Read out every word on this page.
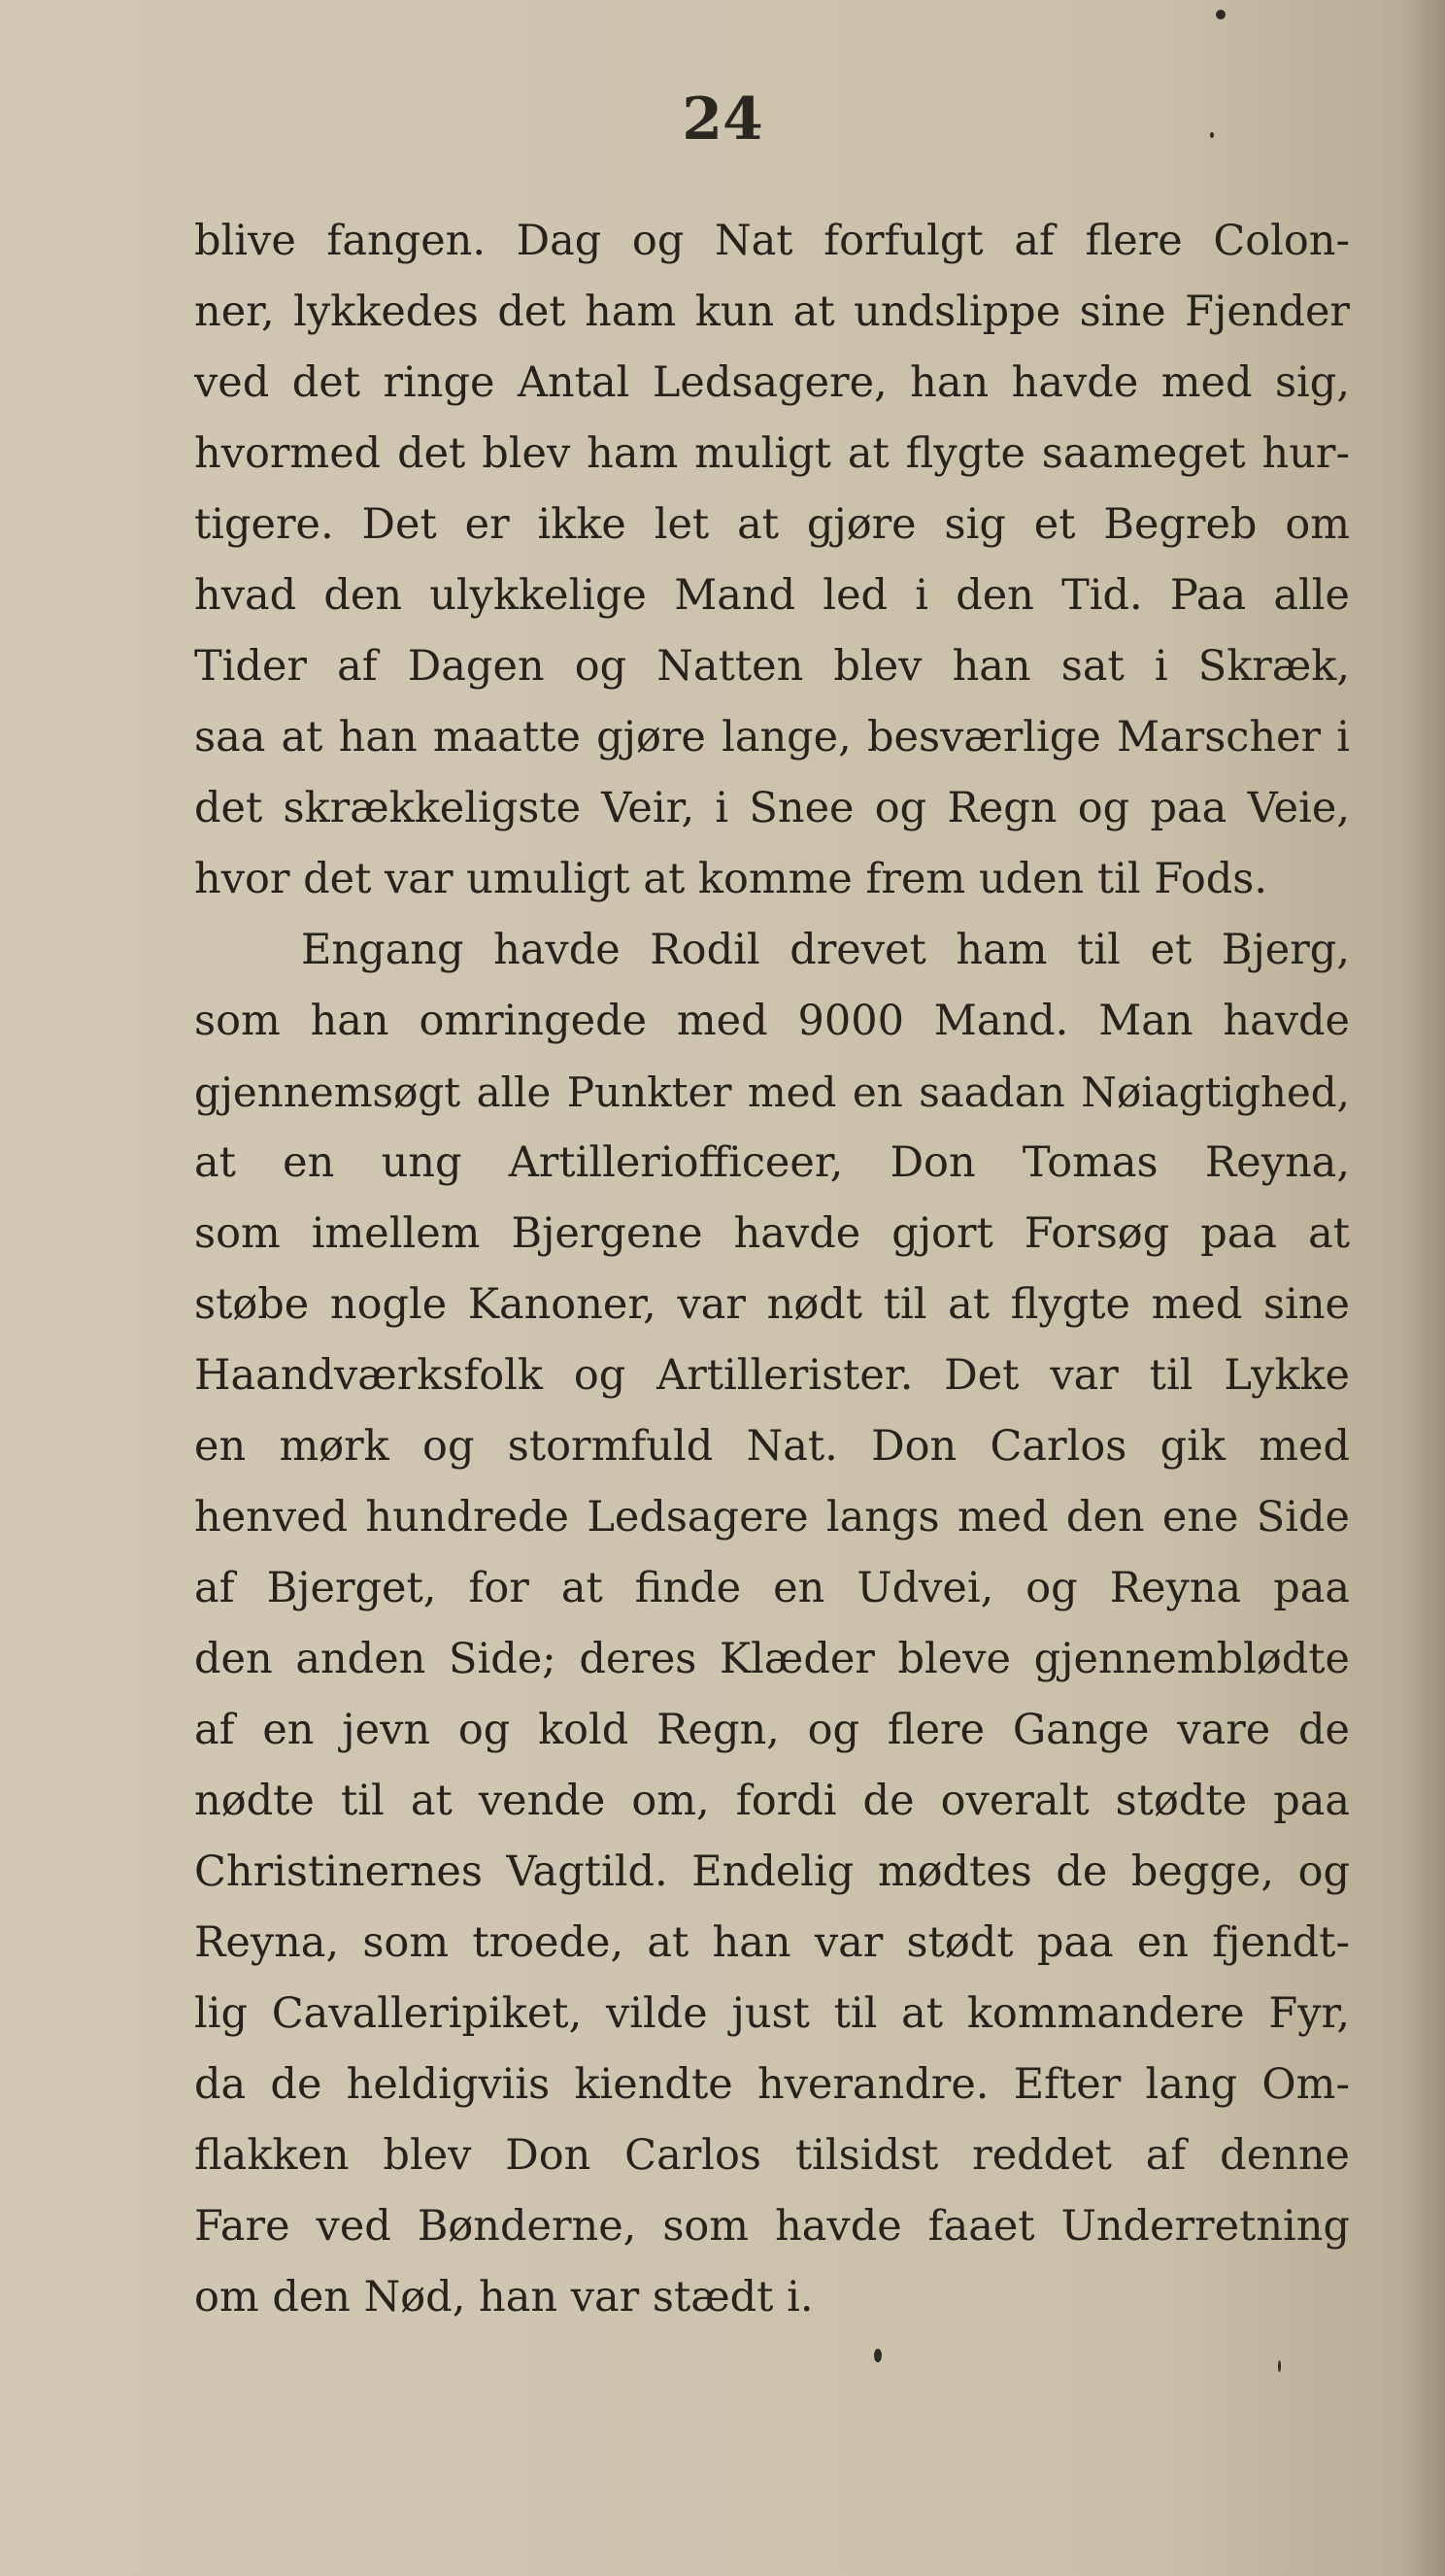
24
blive fangen. Dag og Nat forfulgt af flere Colon-
ner, lykkedes det ham kun at undslippe sine Fjender
ved det ringe Antal Ledsagere, han havde med sig,
hvormed det blev ham muligt at flygte saameget hur-
tigere. Det er ikke let at gjøre sig et Begreb om
hvad den ulykkelige Mand led i den Tid. Paa alle
Tider af Dagen og Natten blev han sat i Skræk,
saa at han maatte gjøre lange, besværlige Marscher i
det skrækkeligste Veir, i Snee og Regn og paa Veie,
hvor det var umuligt at komme frem uden til Fods.
Engang havde Rodil drevet ham til et Bjerg,
som han omringede med 9000 Mand. Man havde
gjennemsøgt alle Punkter med en saadan Nøiagtighed,
at en ung Artilleriofficeer, Don Tomas Reyna,
som imellem Bjergene havde gjort Forsøg paa at
støbe nogle Kanoner, var nødt til at flygte med sine
Haandværksfolk og Artillerister. Det var til Lykke
en mørk og stormfuld Nat. Don Carlos gik med
henved hundrede Ledsagere langs med den ene Side
af Bjerget, for at finde en Udvei, og Reyna paa
den anden Side; deres Klæder bleve gjennemblødte
af en jevn og kold Regn, og flere Gange vare de
nødte til at vende om, fordi de overalt stødte paa
Christinernes Vagtild. Endelig mødtes de begge, og
Reyna, som troede, at han var stødt paa en fjendt-
lig Cavalleripiket, vilde just til at kommandere Fyr,
da de heldigviis kiendte hverandre. Efter lang Om-
flakken blev Don Carlos tilsidst reddet af denne
Fare ved Bønderne, som havde faaet Underretning
om den Nød, han var stædt i.
